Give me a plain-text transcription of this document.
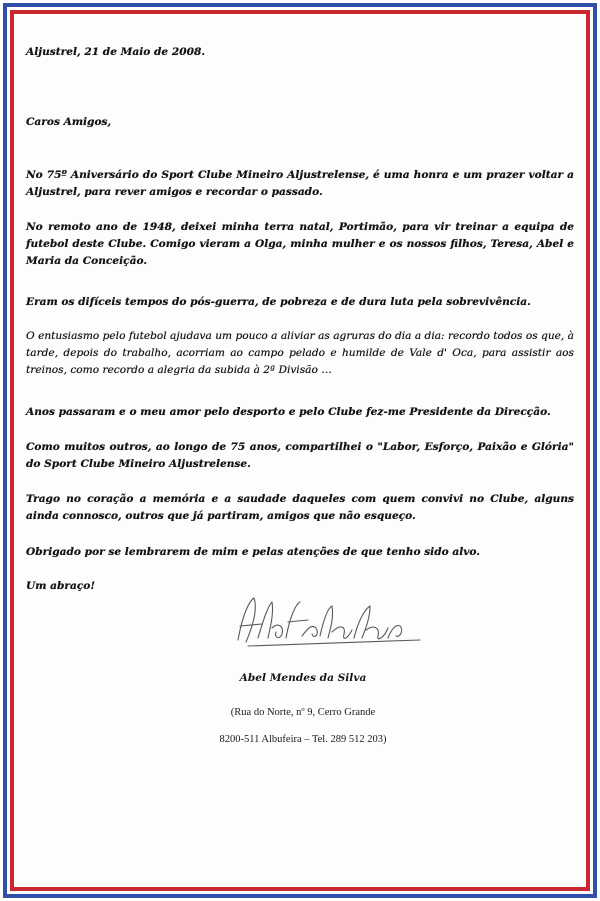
Aljustrel, 21 de Maio de 2008.

Caros Amigos,

No 75º Aniversário do Sport Clube Mineiro Aljustrelense, é uma honra e um prazer voltar a Aljustrel, para rever amigos e recordar o passado.

No remoto ano de 1948, deixei minha terra natal, Portimão, para vir treinar a equipa de futebol deste Clube. Comigo vieram a Olga, minha mulher e os nossos filhos, Teresa, Abel e Maria da Conceição.

Eram os difíceis tempos do pós-guerra, de pobreza e de dura luta pela sobrevivência.

O entusiasmo pelo futebol ajudava um pouco a aliviar as agruras do dia a dia: recordo todos os que, à tarde, depois do trabalho, acorriam ao campo pelado e humilde de Vale d' Oca, para assistir aos treinos, como recordo a alegria da subida à 2ª Divisão …

Anos passaram e o meu amor pelo desporto e pelo Clube fez-me Presidente da Direcção.

Como muitos outros, ao longo de 75 anos, compartilhei o "Labor, Esforço, Paixão e Glória" do Sport Clube Mineiro Aljustrelense.

Trago no coração a memória e a saudade daqueles com quem convivi no Clube, alguns ainda connosco, outros que já partiram, amigos que não esqueço.

Obrigado por se lembrarem de mim e pelas atenções de que tenho sido alvo.

Um abraço!

Abel Mendes da Silva
(Rua do Norte, nº 9, Cerro Grande
8200-511 Albufeira – Tel. 289 512 203)
